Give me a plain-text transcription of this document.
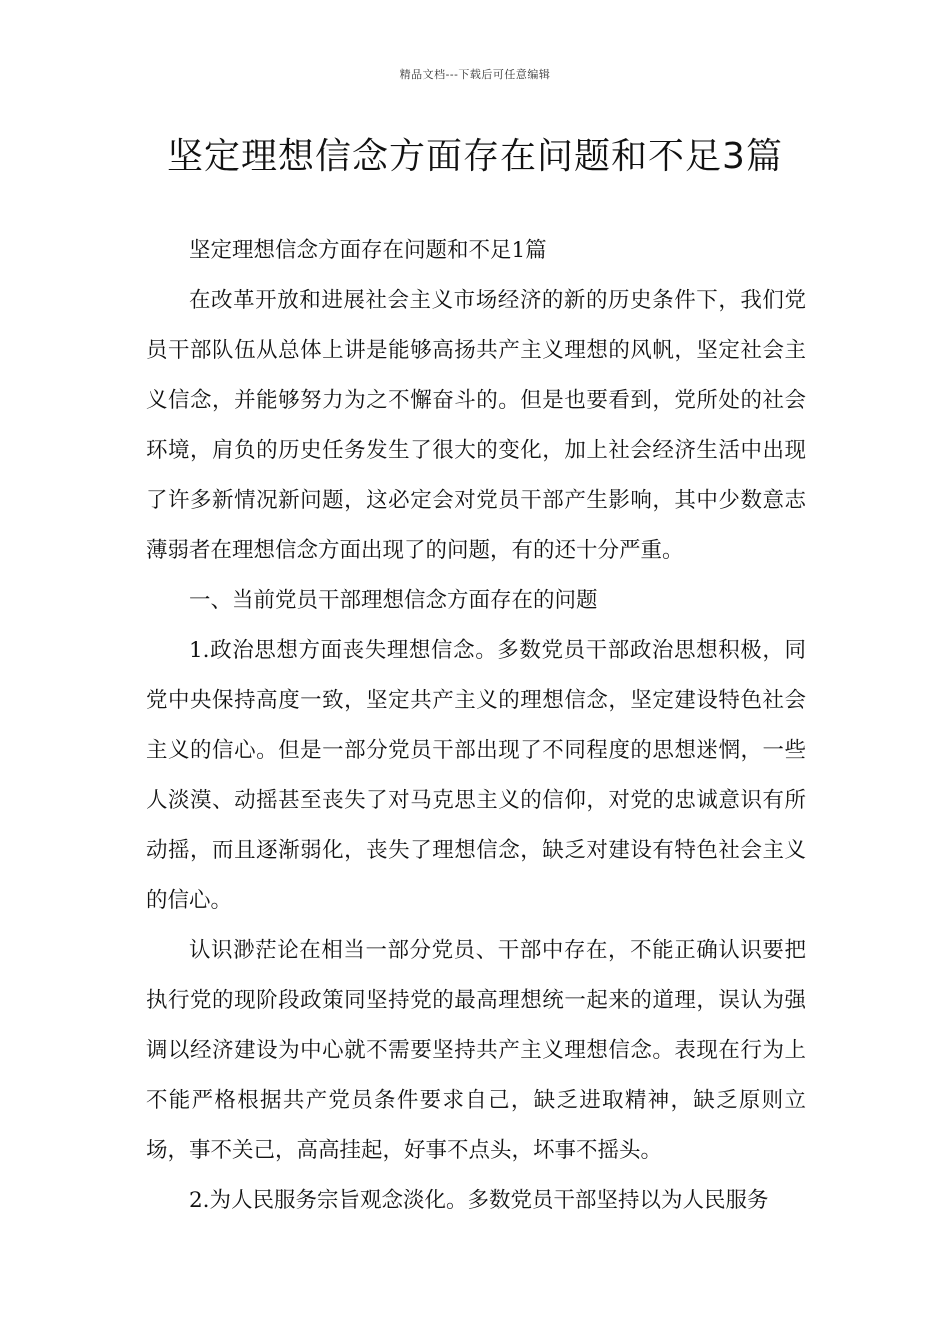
精品文档---下载后可任意编辑
坚定理想信念方面存在问题和不足3篇

坚定理想信念方面存在问题和不足1篇

在改革开放和进展社会主义市场经济的新的历史条件下，我们党员干部队伍从总体上讲是能够高扬共产主义理想的风帆，坚定社会主义信念，并能够努力为之不懈奋斗的。但是也要看到，党所处的社会环境，肩负的历史任务发生了很大的变化，加上社会经济生活中出现了许多新情况新问题，这必定会对党员干部产生影响，其中少数意志薄弱者在理想信念方面出现了的问题，有的还十分严重。

一、当前党员干部理想信念方面存在的问题

1.政治思想方面丧失理想信念。多数党员干部政治思想积极，同党中央保持高度一致，坚定共产主义的理想信念，坚定建设特色社会主义的信心。但是一部分党员干部出现了不同程度的思想迷惘，一些人淡漠、动摇甚至丧失了对马克思主义的信仰，对党的忠诚意识有所动摇，而且逐渐弱化，丧失了理想信念，缺乏对建设有特色社会主义的信心。

认识渺茫论在相当一部分党员、干部中存在，不能正确认识要把执行党的现阶段政策同坚持党的最高理想统一起来的道理，误认为强调以经济建设为中心就不需要坚持共产主义理想信念。表现在行为上不能严格根据共产党员条件要求自己，缺乏进取精神，缺乏原则立场，事不关己，高高挂起，好事不点头，坏事不摇头。

2.为人民服务宗旨观念淡化。多数党员干部坚持以为人民服务
